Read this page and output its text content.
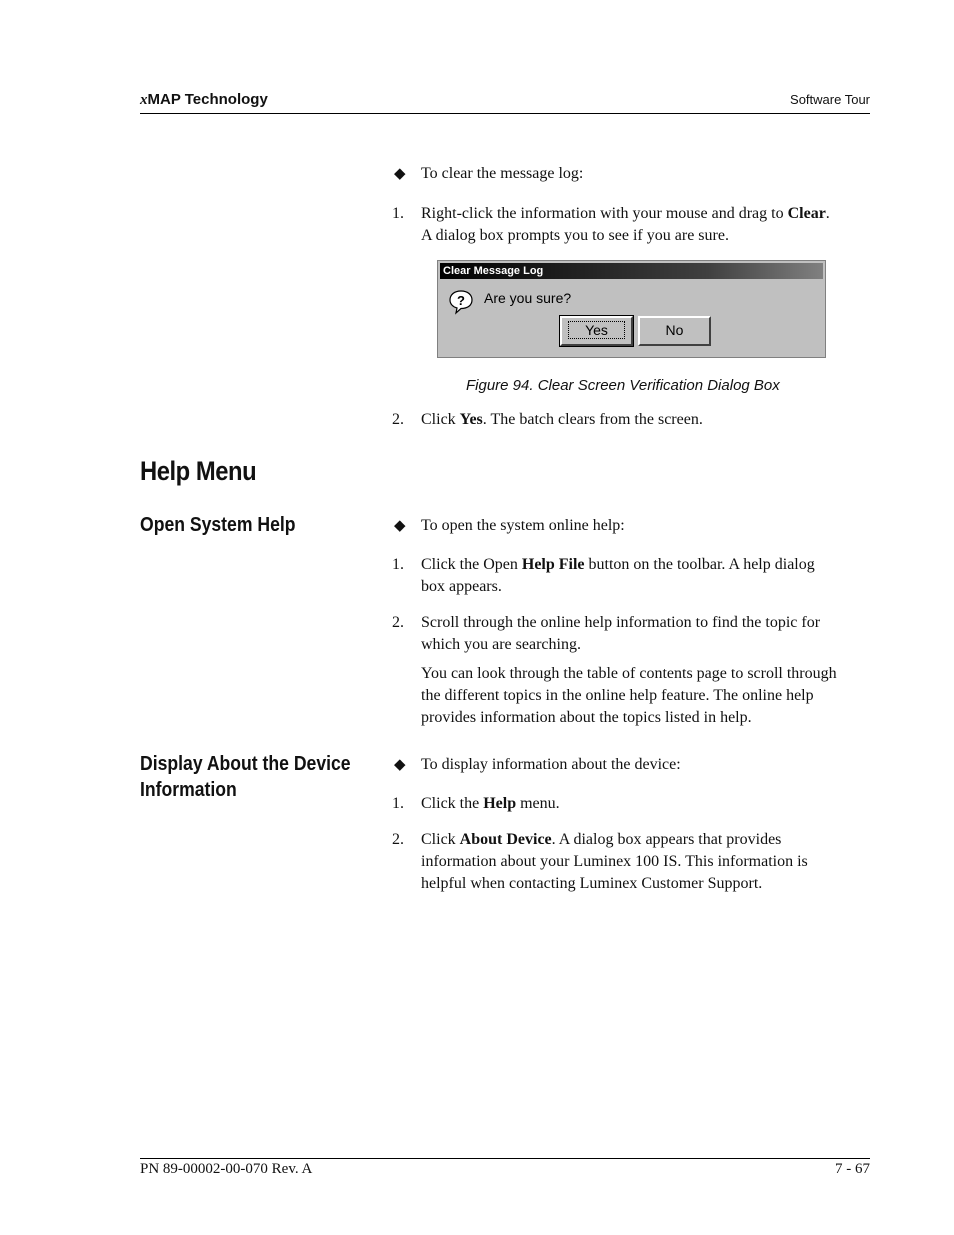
xMAP Technology	Software Tour
◆ To clear the message log:
1. Right-click the information with your mouse and drag to Clear.
A dialog box prompts you to see if you are sure.
Clear Message Log
? Are you sure?
Yes	No
Figure 94. Clear Screen Verification Dialog Box
2. Click Yes. The batch clears from the screen.
Help Menu
Open System Help	◆ To open the system online help:
1. Click the Open Help File button on the toolbar. A help dialog
box appears.
2. Scroll through the online help information to find the topic for
which you are searching.
You can look through the table of contents page to scroll through
the different topics in the online help feature. The online help
provides information about the topics listed in help.
Display About the Device
Information
◆ To display information about the device:
1. Click the Help menu.
2. Click About Device. A dialog box appears that provides
information about your Luminex 100 IS. This information is
helpful when contacting Luminex Customer Support.
PN 89-00002-00-070 Rev. A	7 - 67
